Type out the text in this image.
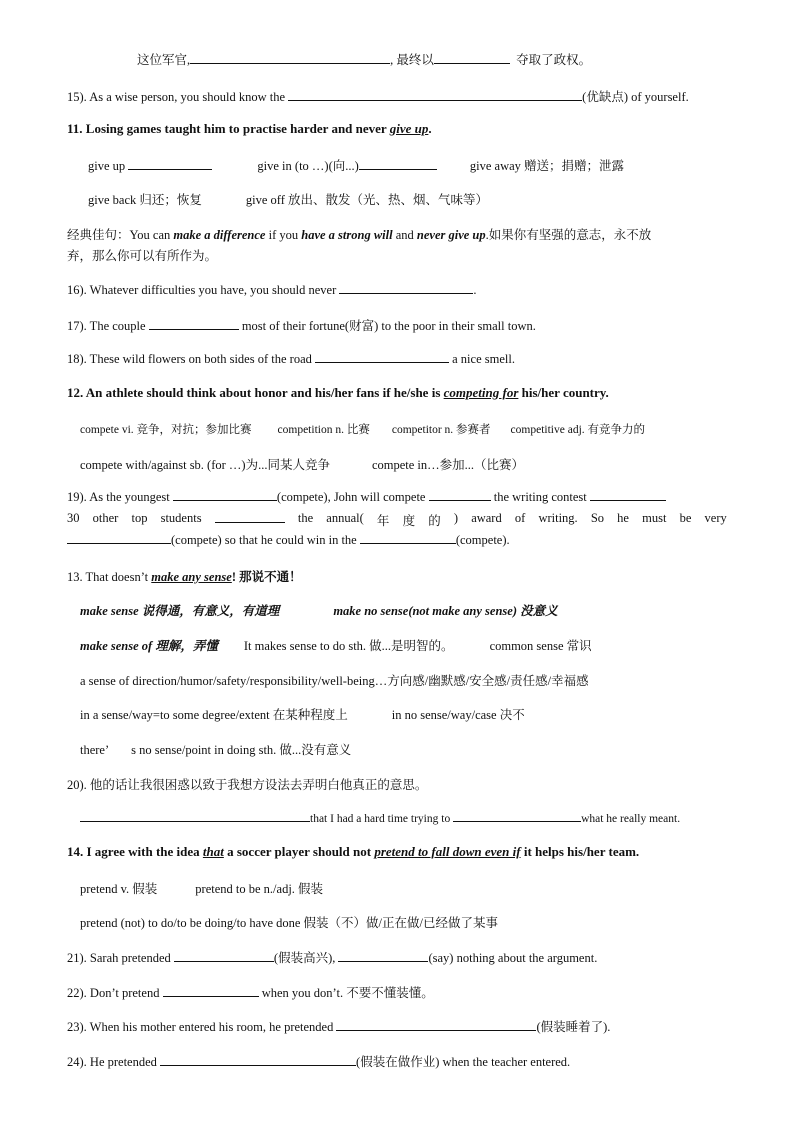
这位军官,	, 最终以	夺取了政权。
15). As a wise person, you should know the	(优缺点) of yourself.
11. Losing games taught him to practise harder and never give up.
give up	give in (to …)(向...)	give away 赠送；捐赠；泄露
give back 归还；恢复	give off 放出、散发（光、热、烟、气味等）
经典佳句：You can make a difference if you have a strong will and never give up.如果你有坚强的意志，永不放
弃，那么你可以有所作为。
16). Whatever difficulties you have, you should never	.
17). The couple	most of their fortune(财富) to the poor in their small town.
18). These wild flowers on both sides of the road	a nice smell.
12. An athlete should think about honor and his/her fans if he/she is competing for his/her country.
compete vi. 竞争，对抗；参加比赛 competition n. 比赛 competitor n. 参赛者 competitive adj. 有竞争力的
compete with/against sb. (for …)为...同某人竞争	compete in…参加...（比赛）
19). As the youngest	(compete), John will compete	the writing contest
30 other top students	the annual( 年 度 的 ) award of writing. So he must be very
(compete) so that he could win in the	(compete).
13. That doesn’t make any sense! 那说不通！
make sense 说得通，有意义，有道理	make no sense(not make any sense) 没意义
make sense of 理解，弄懂 It makes sense to do sth. 做...是明智的。	common sense 常识
a sense of direction/humor/safety/responsibility/well-being…方向感/幽默感/安全感/责任感/幸福感
in a sense/way=to some degree/extent 在某种程度上	in no sense/way/case 决不
there’ s no sense/point in doing sth. 做...没有意义
20). 他的话让我很困惑以致于我想方设法去弄明白他真正的意思。
that I had a hard time trying to	what he really meant.
14. I agree with the idea that a soccer player should not pretend to fall down even if it helps his/her team.
pretend v. 假装	pretend to be n./adj. 假装
pretend (not) to do/to be doing/to have done 假装（不）做/正在做/已经做了某事
21). Sarah pretended	(假装高兴),	(say) nothing about the argument.
22). Don’t pretend	when you don’t. 不要不懂装懂。
23). When his mother entered his room, he pretended	(假装睡着了).
24). He pretended	(假装在做作业) when the teacher entered.
